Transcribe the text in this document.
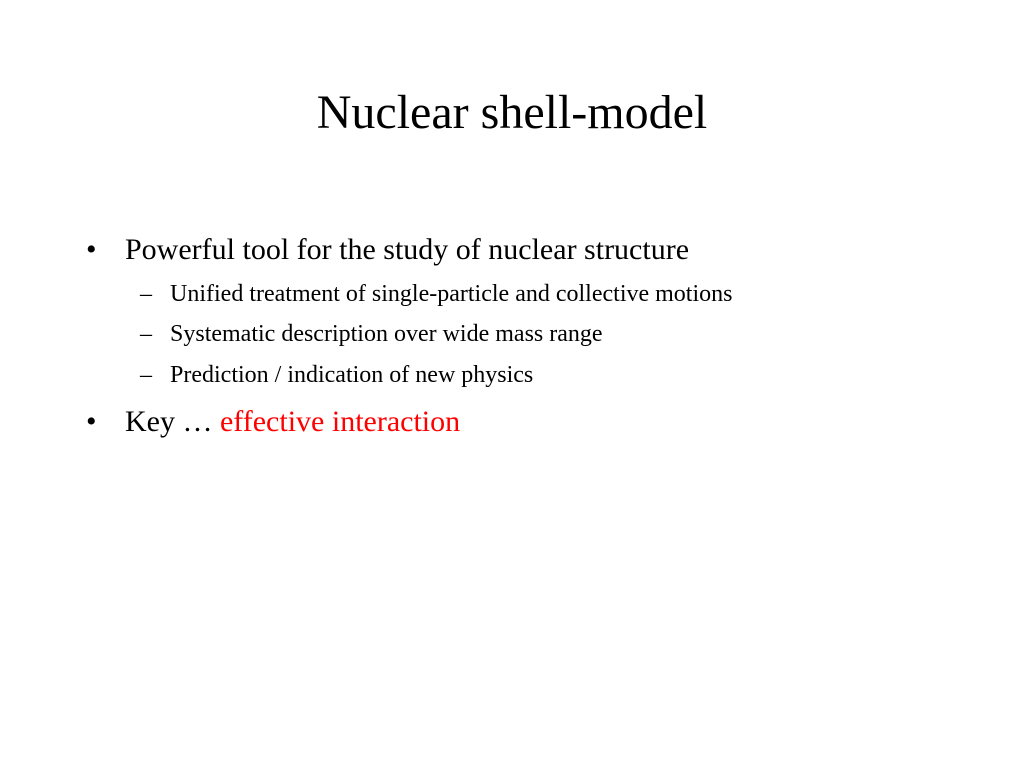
Nuclear shell-model
• Powerful tool for the study of nuclear structure
– Unified treatment of single-particle and collective motions
– Systematic description over wide mass range
– Prediction / indication of new physics
• Key … effective interaction
